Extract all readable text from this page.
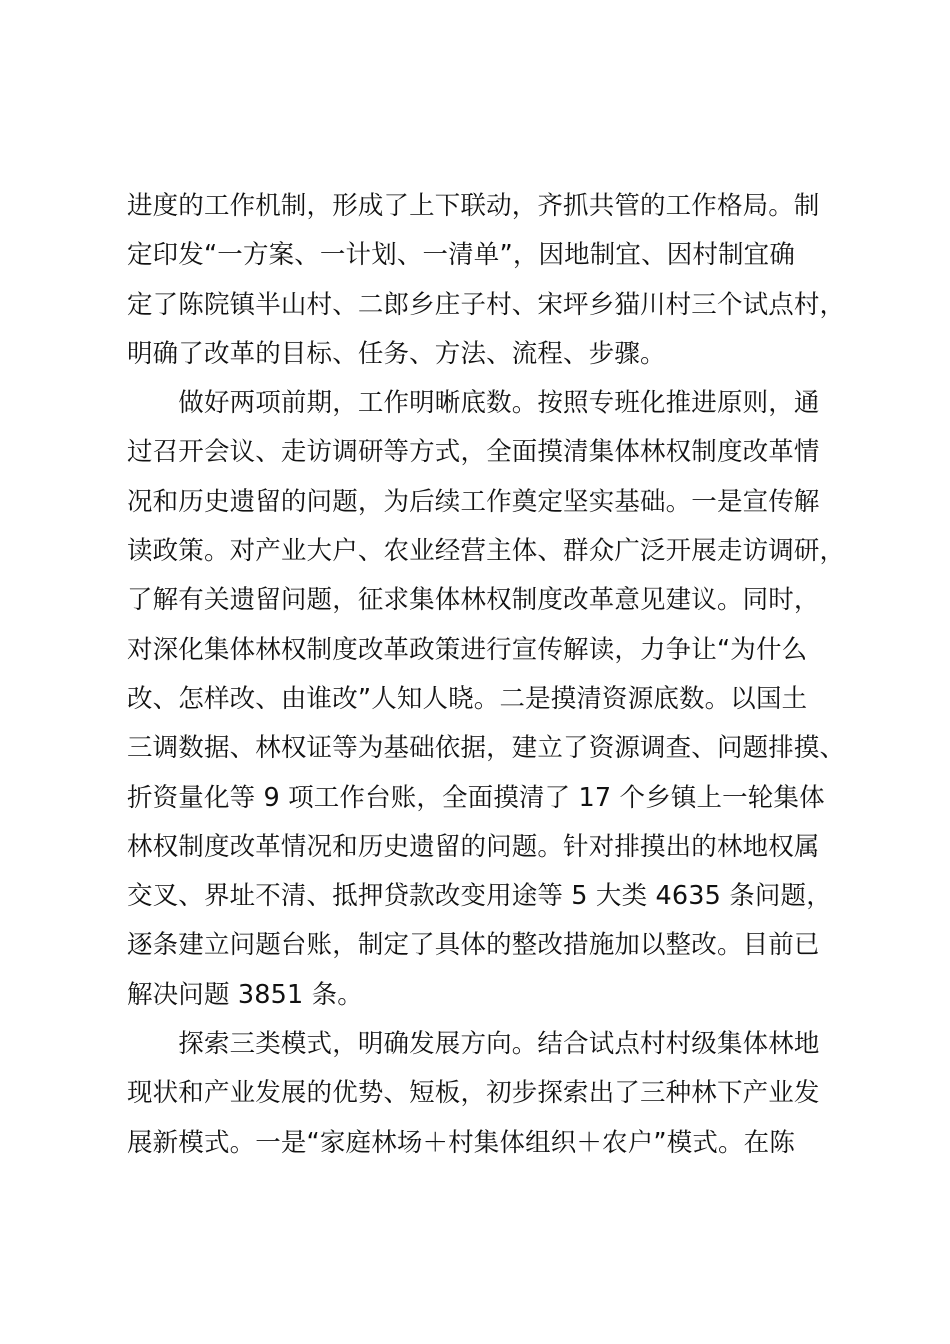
进度的工作机制，形成了上下联动，齐抓共管的工作格局。制
定印发“一方案、一计划、一清单”，因地制宜、因村制宜确
定了陈院镇半山村、二郎乡庄子村、宋坪乡猫川村三个试点村，
明确了改革的目标、任务、方法、流程、步骤。
　　做好两项前期，工作明晰底数。按照专班化推进原则，通
过召开会议、走访调研等方式，全面摸清集体林权制度改革情
况和历史遗留的问题，为后续工作奠定坚实基础。一是宣传解
读政策。对产业大户、农业经营主体、群众广泛开展走访调研，
了解有关遗留问题，征求集体林权制度改革意见建议。同时，
对深化集体林权制度改革政策进行宣传解读，力争让“为什么
改、怎样改、由谁改”人知人晓。二是摸清资源底数。以国土
三调数据、林权证等为基础依据，建立了资源调查、问题排摸、
折资量化等 9 项工作台账，全面摸清了 17 个乡镇上一轮集体
林权制度改革情况和历史遗留的问题。针对排摸出的林地权属
交叉、界址不清、抵押贷款改变用途等 5 大类 4635 条问题，
逐条建立问题台账，制定了具体的整改措施加以整改。目前已
解决问题 3851 条。
　　探索三类模式，明确发展方向。结合试点村村级集体林地
现状和产业发展的优势、短板，初步探索出了三种林下产业发
展新模式。一是“家庭林场＋村集体组织＋农户”模式。在陈
